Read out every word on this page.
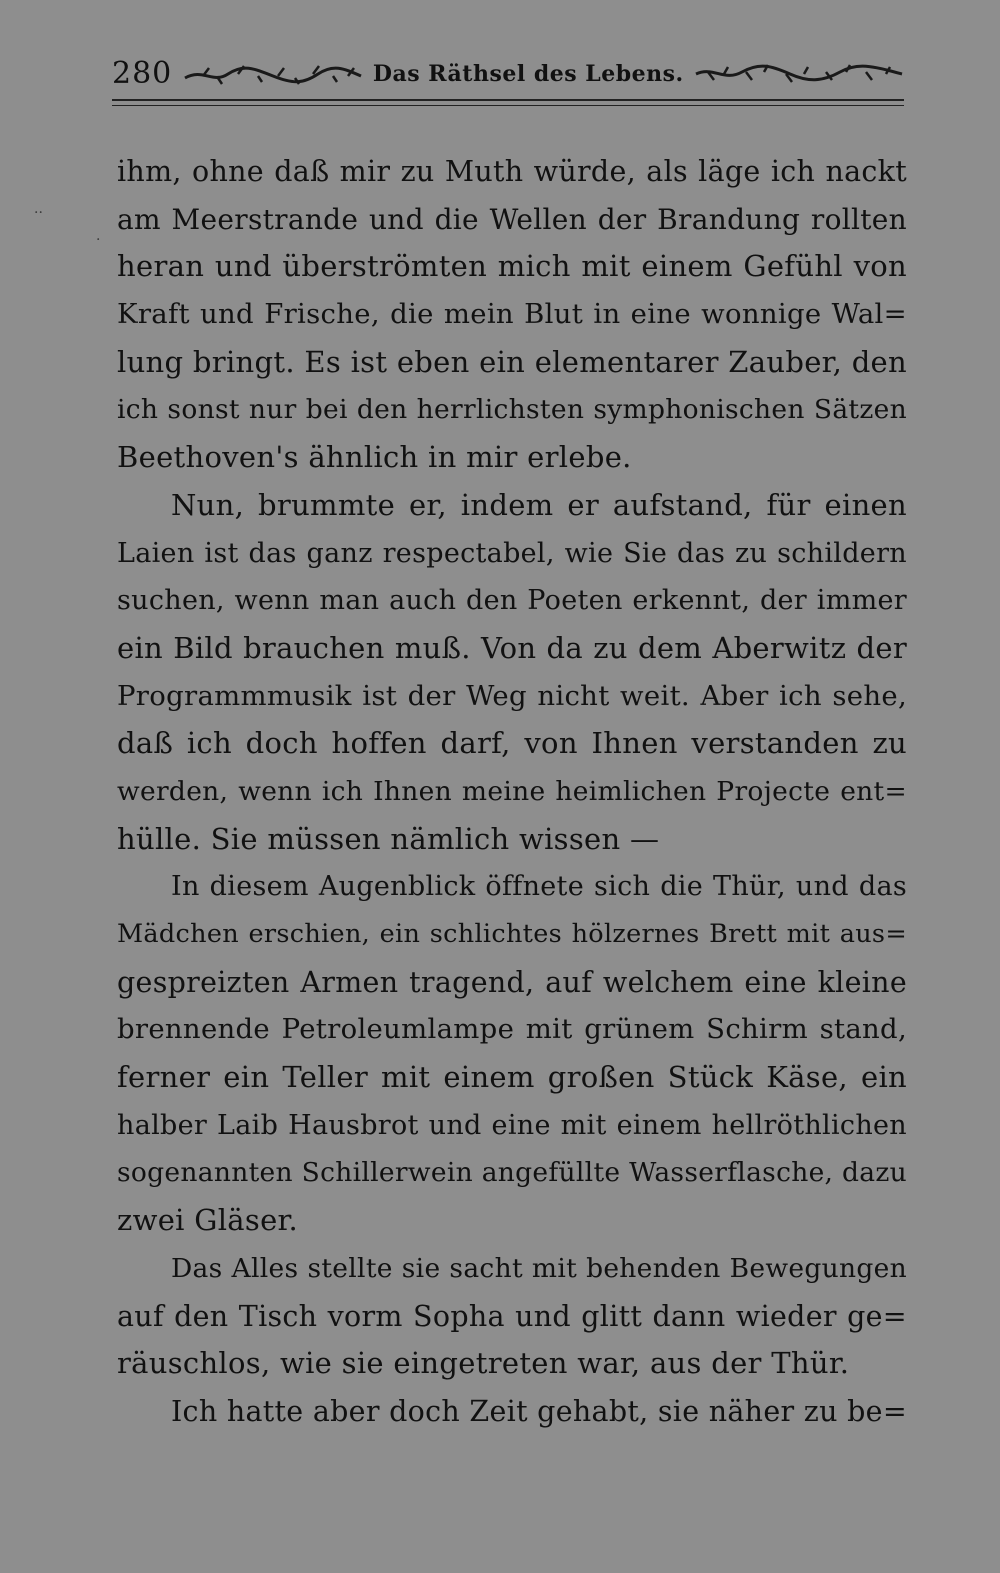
280	Das Räthsel des Lebens.
··
·
ihm, ohne daß mir zu Muth würde, als läge ich nackt
am Meerstrande und die Wellen der Brandung rollten
heran und überströmten mich mit einem Gefühl von
Kraft und Frische, die mein Blut in eine wonnige Wal=
lung bringt. Es ist eben ein elementarer Zauber, den
ich sonst nur bei den herrlichsten symphonischen Sätzen
Beethoven's ähnlich in mir erlebe.
Nun, brummte er, indem er aufstand, für einen
Laien ist das ganz respectabel, wie Sie das zu schildern
suchen, wenn man auch den Poeten erkennt, der immer
ein Bild brauchen muß. Von da zu dem Aberwitz der
Programmmusik ist der Weg nicht weit. Aber ich sehe,
daß ich doch hoffen darf, von Ihnen verstanden zu
werden, wenn ich Ihnen meine heimlichen Projecte ent=
hülle. Sie müssen nämlich wissen —
In diesem Augenblick öffnete sich die Thür, und das
Mädchen erschien, ein schlichtes hölzernes Brett mit aus=
gespreizten Armen tragend, auf welchem eine kleine
brennende Petroleumlampe mit grünem Schirm stand,
ferner ein Teller mit einem großen Stück Käse, ein
halber Laib Hausbrot und eine mit einem hellröthlichen
sogenannten Schillerwein angefüllte Wasserflasche, dazu
zwei Gläser.
Das Alles stellte sie sacht mit behenden Bewegungen
auf den Tisch vorm Sopha und glitt dann wieder ge=
räuschlos, wie sie eingetreten war, aus der Thür.
Ich hatte aber doch Zeit gehabt, sie näher zu be=
